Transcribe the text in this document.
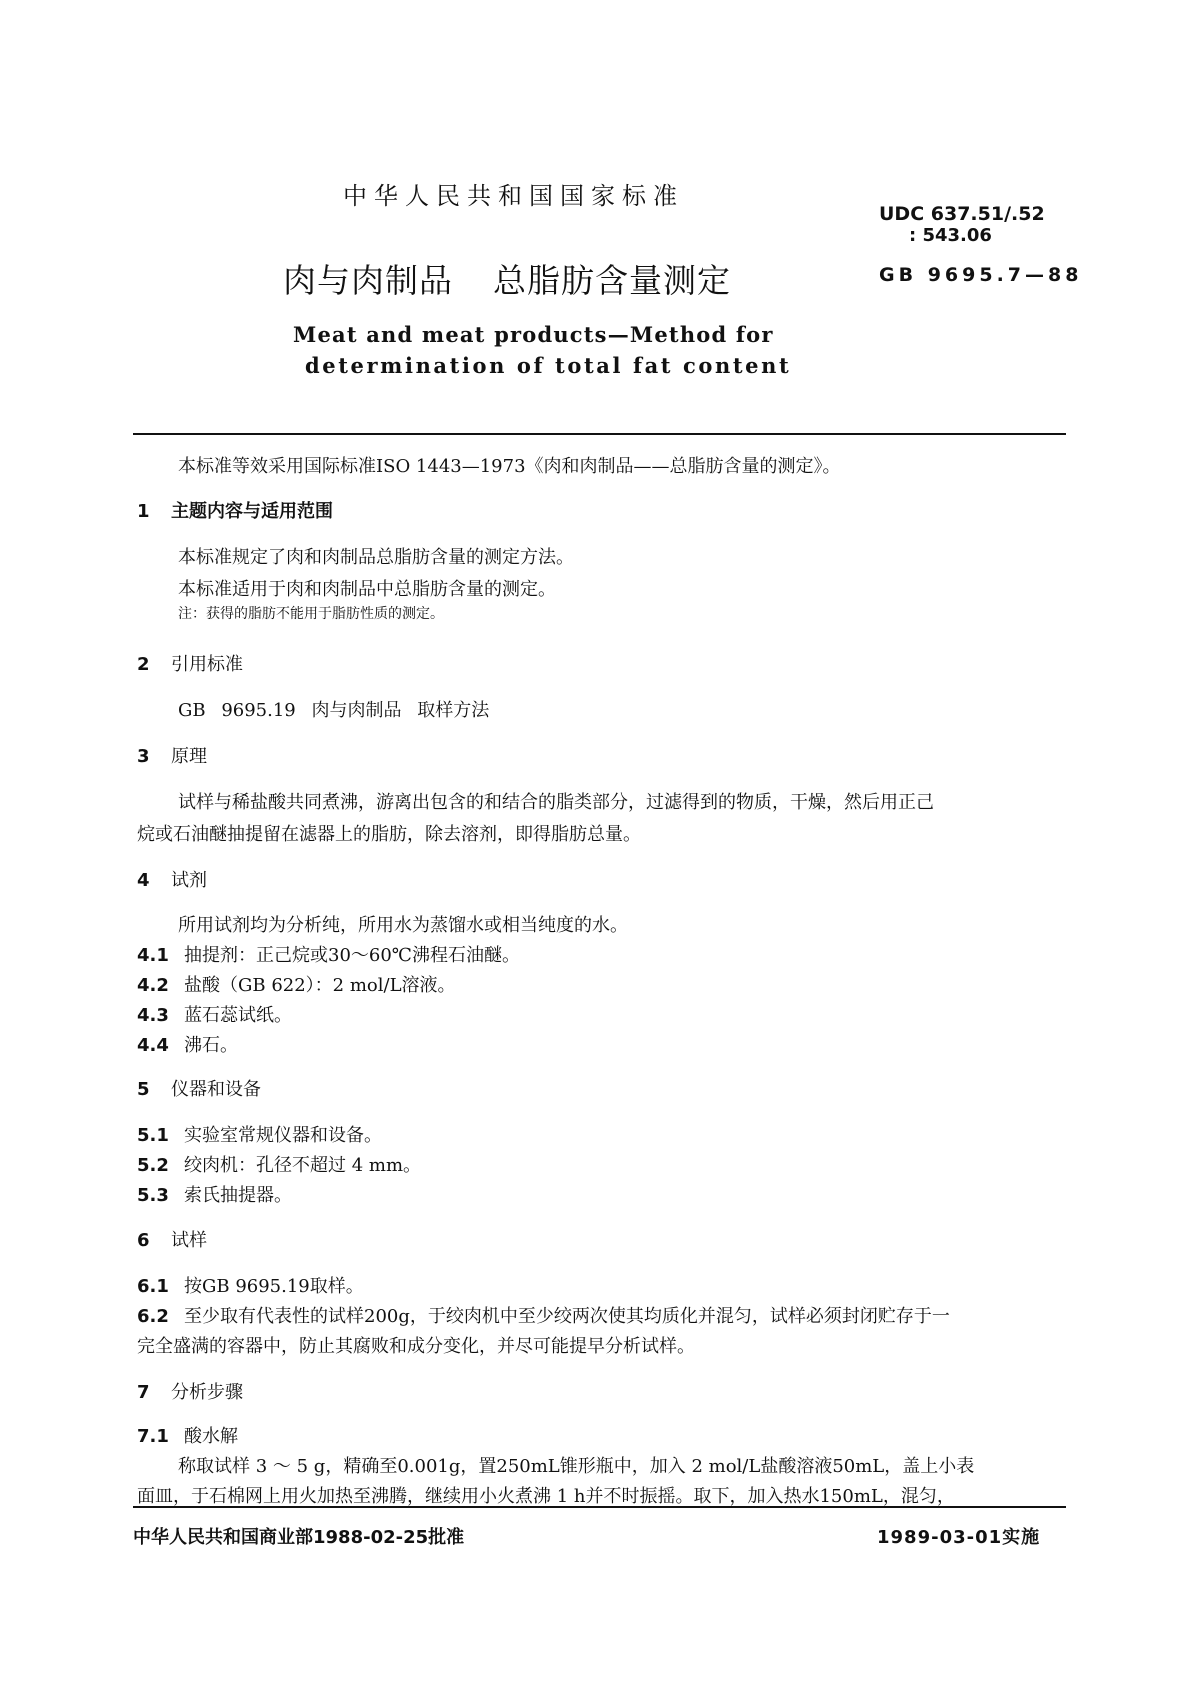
中华人民共和国国家标准
UDC 637.51/.52
: 543.06
肉与肉制品 总脂肪含量测定	GB 9695.7—88
Meat and meat products—Method for
determination of total fat content
本标准等效采用国际标准ISO 1443—1973《肉和肉制品——总脂肪含量的测定》。
1 主题内容与适用范围
本标准规定了肉和肉制品总脂肪含量的测定方法。
本标准适用于肉和肉制品中总脂肪含量的测定。
注：获得的脂肪不能用于脂肪性质的测定。
2 引用标准
GB 9695.19 肉与肉制品 取样方法
3 原理
试样与稀盐酸共同煮沸，游离出包含的和结合的脂类部分，过滤得到的物质，干燥，然后用正己
烷或石油醚抽提留在滤器上的脂肪，除去溶剂，即得脂肪总量。
4 试剂
所用试剂均为分析纯，所用水为蒸馏水或相当纯度的水。
4.1 抽提剂：正己烷或30～60℃沸程石油醚。
4.2 盐酸（GB 622）：2 mol/L溶液。
4.3 蓝石蕊试纸。
4.4 沸石。
5 仪器和设备
5.1 实验室常规仪器和设备。
5.2 绞肉机：孔径不超过 4 mm。
5.3 索氏抽提器。
6 试样
6.1 按GB 9695.19取样。
6.2 至少取有代表性的试样200g，于绞肉机中至少绞两次使其均质化并混匀，试样必须封闭贮存于一
完全盛满的容器中，防止其腐败和成分变化，并尽可能提早分析试样。
7 分析步骤
7.1 酸水解
称取试样 3 ～ 5 g，精确至0.001g，置250mL锥形瓶中，加入 2 mol/L盐酸溶液50mL，盖上小表
面皿，于石棉网上用火加热至沸腾，继续用小火煮沸 1 h并不时振摇。取下，加入热水150mL，混匀，
中华人民共和国商业部1988-02-25批准	1989-03-01实施
